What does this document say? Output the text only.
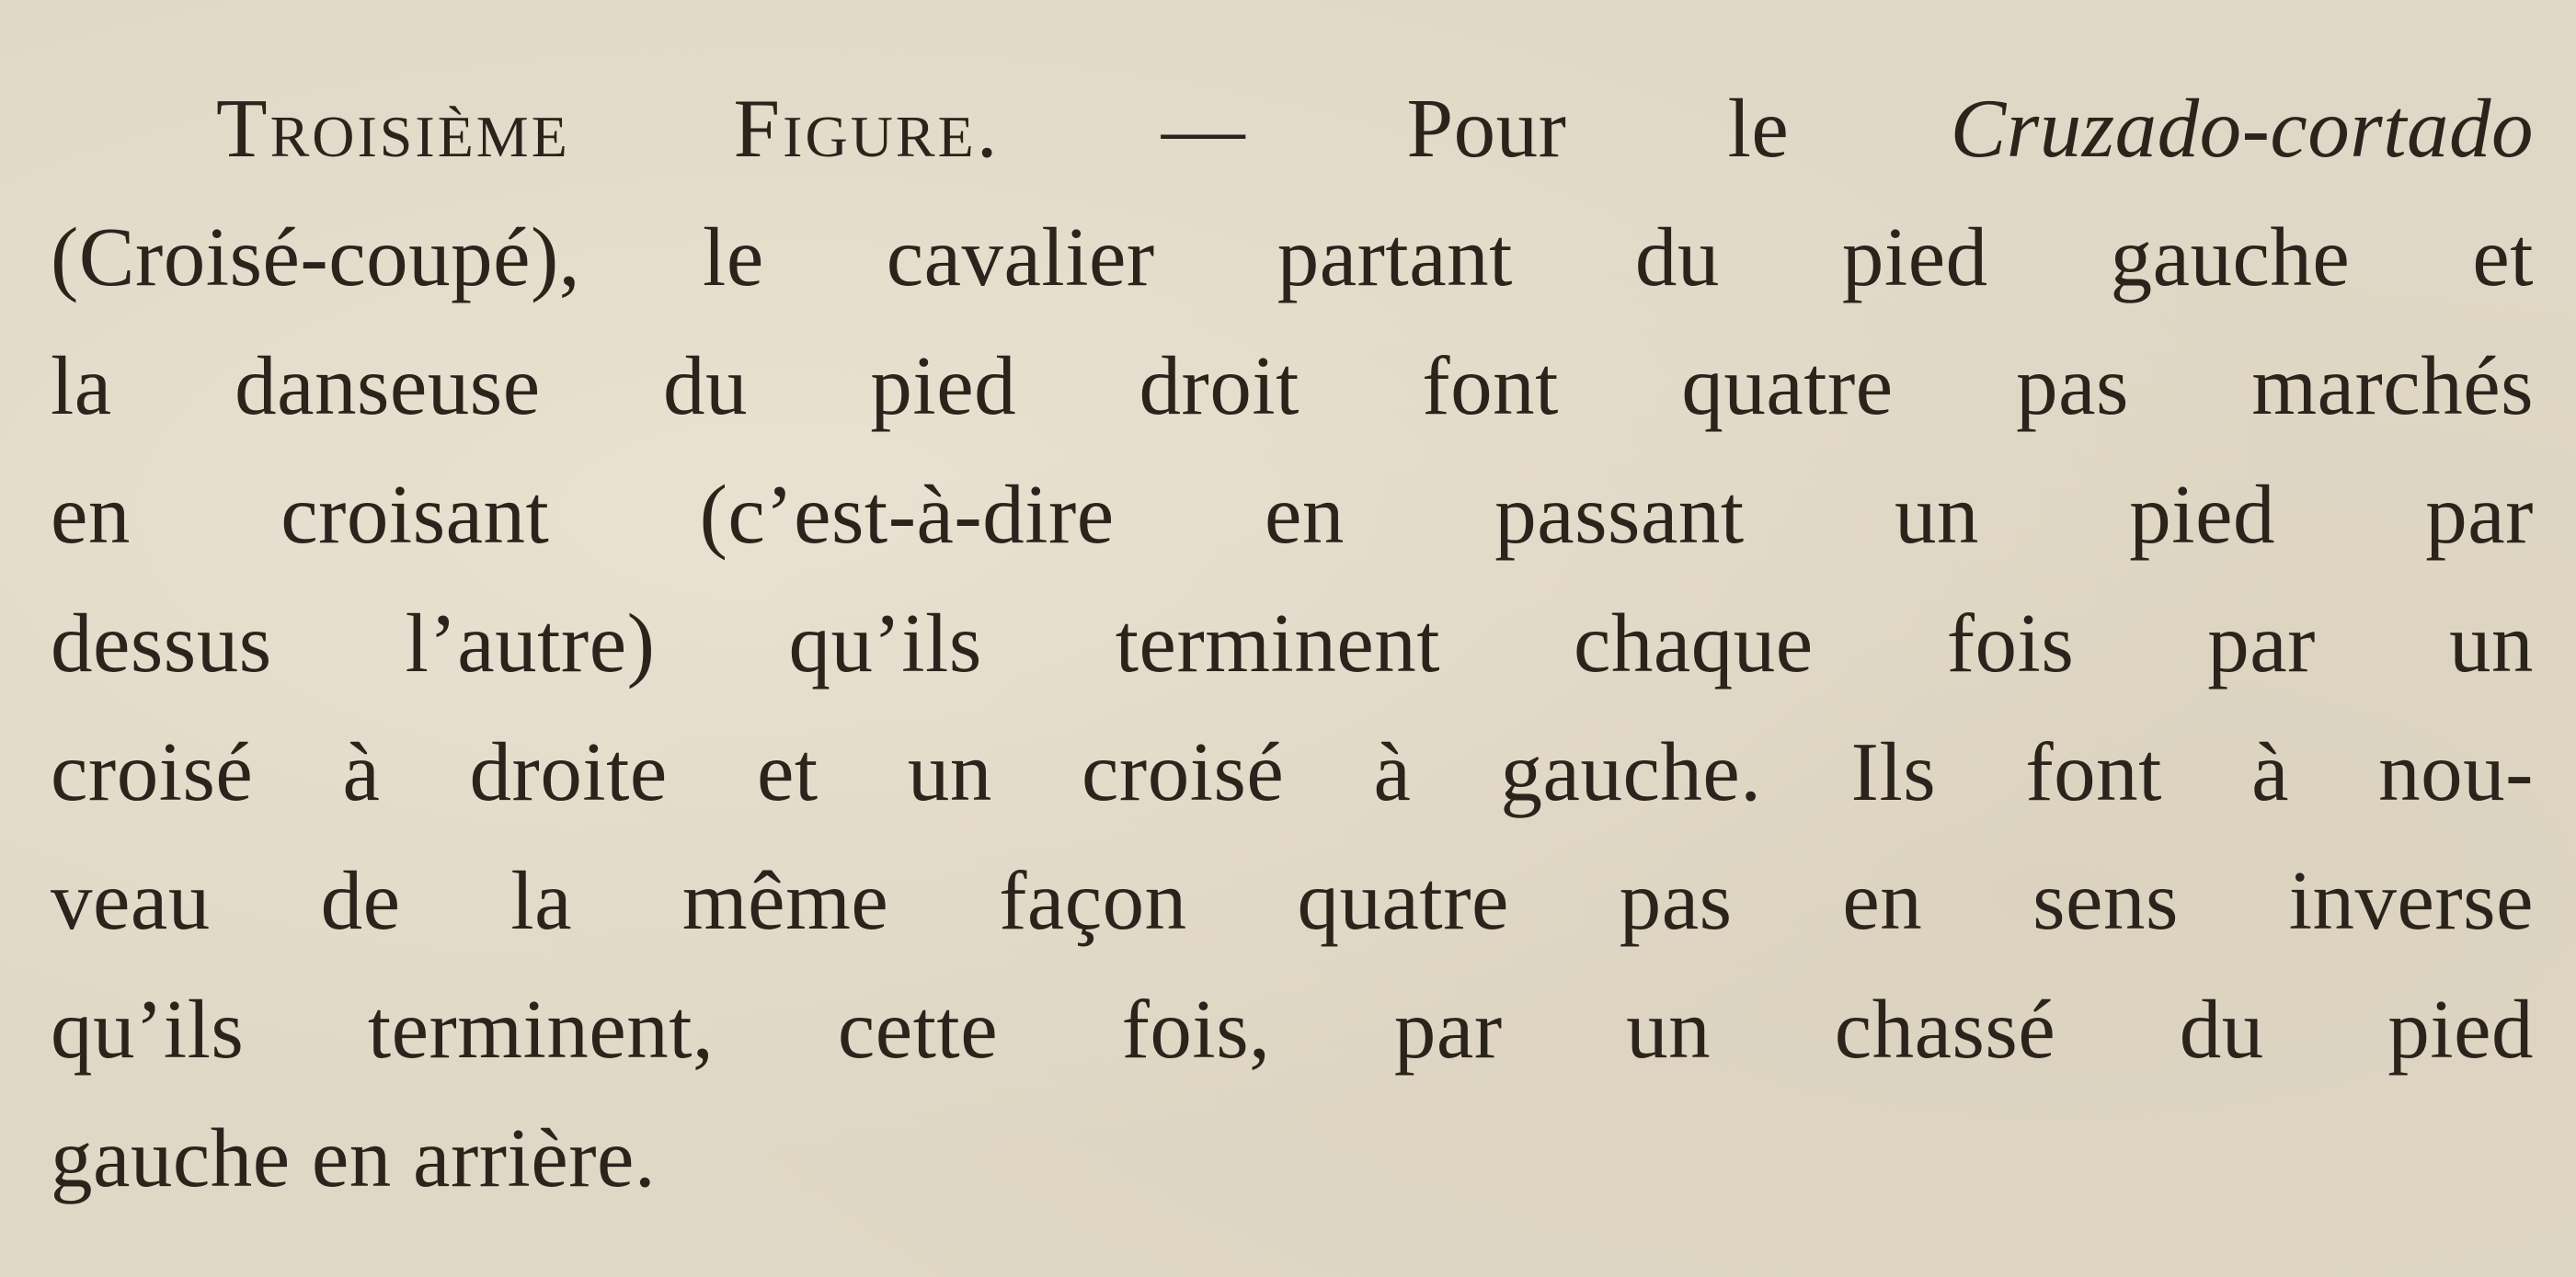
Troisième Figure. — Pour le Cruzado-cortado
(Croisé-coupé), le cavalier partant du pied gauche et
la danseuse du pied droit font quatre pas marchés
en croisant (c’est-à-dire en passant un pied par
dessus l’autre) qu’ils terminent chaque fois par un
croisé à droite et un croisé à gauche. Ils font à nou-
veau de la même façon quatre pas en sens inverse
qu’ils terminent, cette fois, par un chassé du pied
gauche en arrière.
